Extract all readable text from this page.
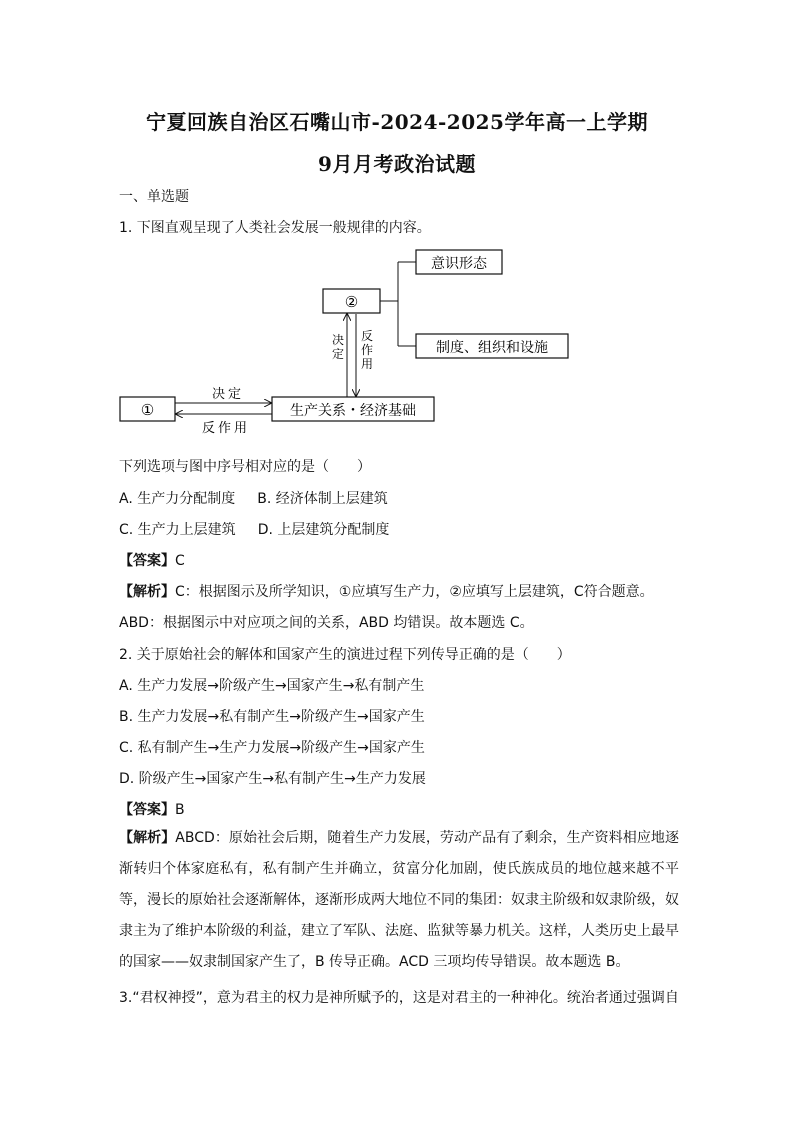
宁夏回族自治区石嘴山市-2024-2025学年高一上学期
9月月考政治试题
一、单选题
1. 下图直观呈现了人类社会发展一般规律的内容。
①	生产关系・经济基础
②
意识形态
制度、组织和设施
决定
反作用
决定
反作用
下列选项与图中序号相对应的是（　　）
A. 生产力分配制度 B. 经济体制上层建筑
C. 生产力上层建筑 D. 上层建筑分配制度
【答案】C
【解析】C：根据图示及所学知识，①应填写生产力，②应填写上层建筑，C符合题意。
ABD：根据图示中对应项之间的关系，ABD 均错误。故本题选 C。
2. 关于原始社会的解体和国家产生的演进过程下列传导正确的是（　　）
A. 生产力发展→阶级产生→国家产生→私有制产生
B. 生产力发展→私有制产生→阶级产生→国家产生
C. 私有制产生→生产力发展→阶级产生→国家产生
D. 阶级产生→国家产生→私有制产生→生产力发展
【答案】B
【解析】ABCD：原始社会后期，随着生产力发展，劳动产品有了剩余，生产资料相应地逐渐转归个体家庭私有，私有制产生并确立，贫富分化加剧，使氏族成员的地位越来越不平等，漫长的原始社会逐渐解体，逐渐形成两大地位不同的集团：奴隶主阶级和奴隶阶级，奴隶主为了维护本阶级的利益，建立了军队、法庭、监狱等暴力机关。这样，人类历史上最早的国家——奴隶制国家产生了，B 传导正确。ACD 三项均传导错误。故本题选 B。
3.“君权神授”，意为君主的权力是神所赋予的，这是对君主的一种神化。统治者通过强调自
